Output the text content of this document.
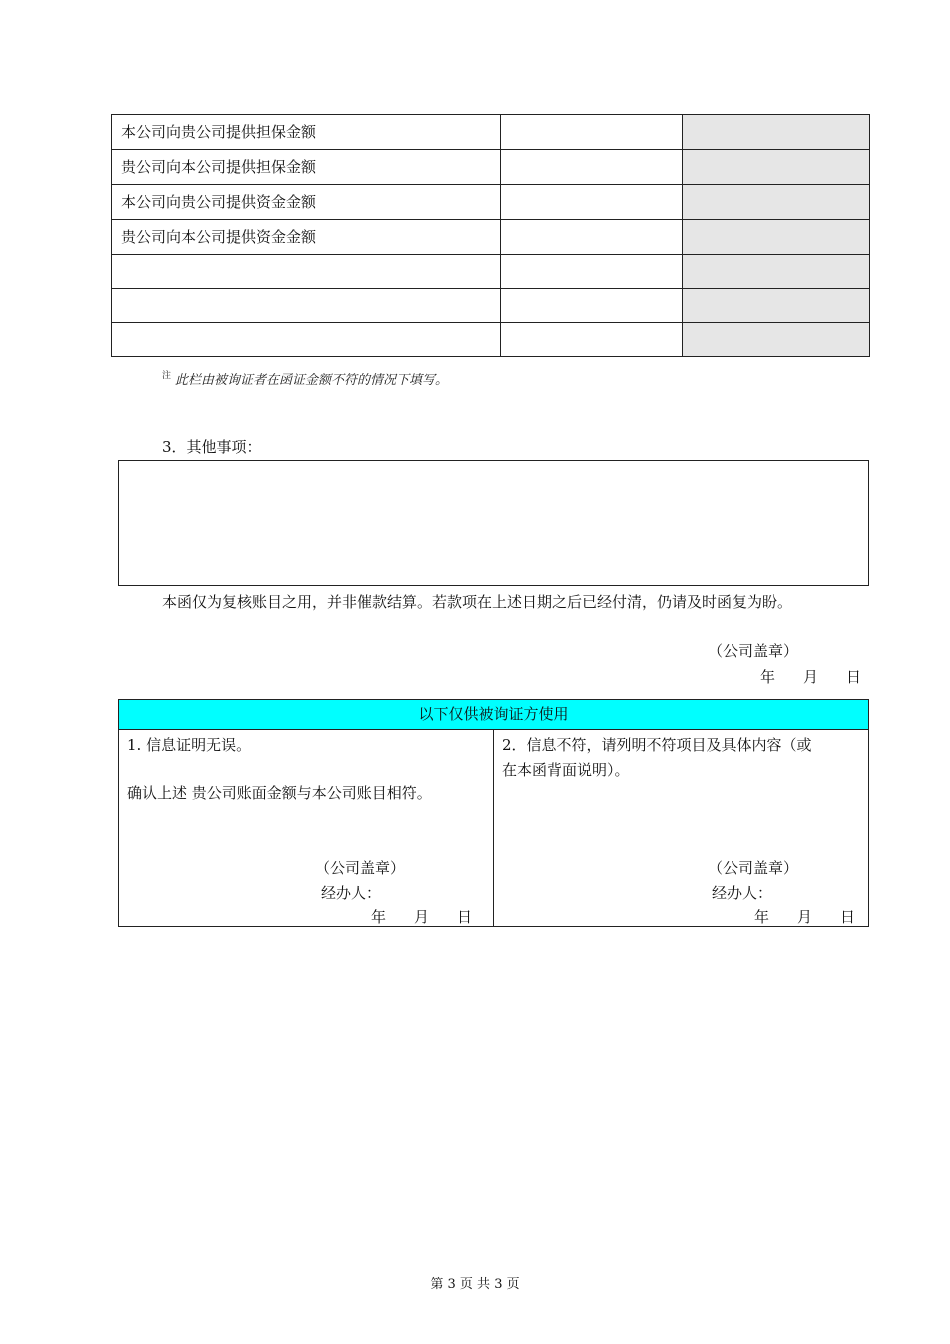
本公司向贵公司提供担保金额		
贵公司向本公司提供担保金额		
本公司向贵公司提供资金金额		
贵公司向本公司提供资金金额		

$^注$ 此栏由被询证者在函证金额不符的情况下填写。
3．其他事项：
本函仅为复核账目之用，并非催款结算。若款项在上述日期之后已经付清，仍请及时函复为盼。
（公司盖章）
年 月 日
以下仅供被询证方使用
1. 信息证明无误。
确认上述 贵公司账面金额与本公司账目相符。
（公司盖章）
经办人：
年 月 日
2．信息不符，请列明不符项目及具体内容（或
在本函背面说明）。
（公司盖章）
经办人：
年 月 日
第 3 页 共 3 页
